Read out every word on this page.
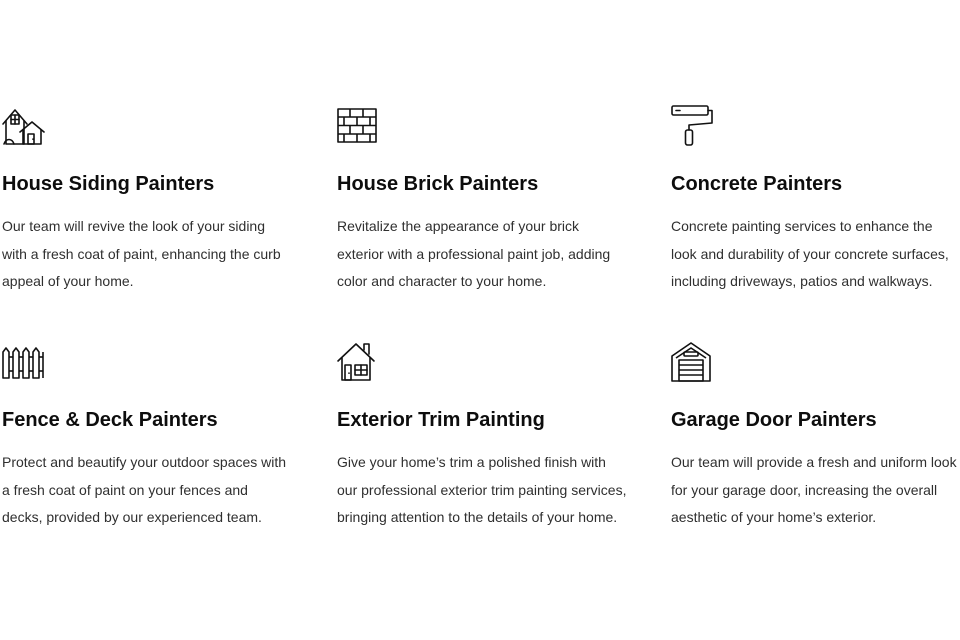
House Siding Painters

Our team will revive the look of your siding with a fresh coat of paint, enhancing the curb appeal of your home.

House Brick Painters

Revitalize the appearance of your brick exterior with a professional paint job, adding color and character to your home.

Concrete Painters

Concrete painting services to enhance the look and durability of your concrete surfaces, including driveways, patios and walkways.

Fence & Deck Painters

Protect and beautify your outdoor spaces with a fresh coat of paint on your fences and decks, provided by our experienced team.

Exterior Trim Painting

Give your home’s trim a polished finish with our professional exterior trim painting services, bringing attention to the details of your home.

Garage Door Painters

Our team will provide a fresh and uniform look for your garage door, increasing the overall aesthetic of your home’s exterior.
